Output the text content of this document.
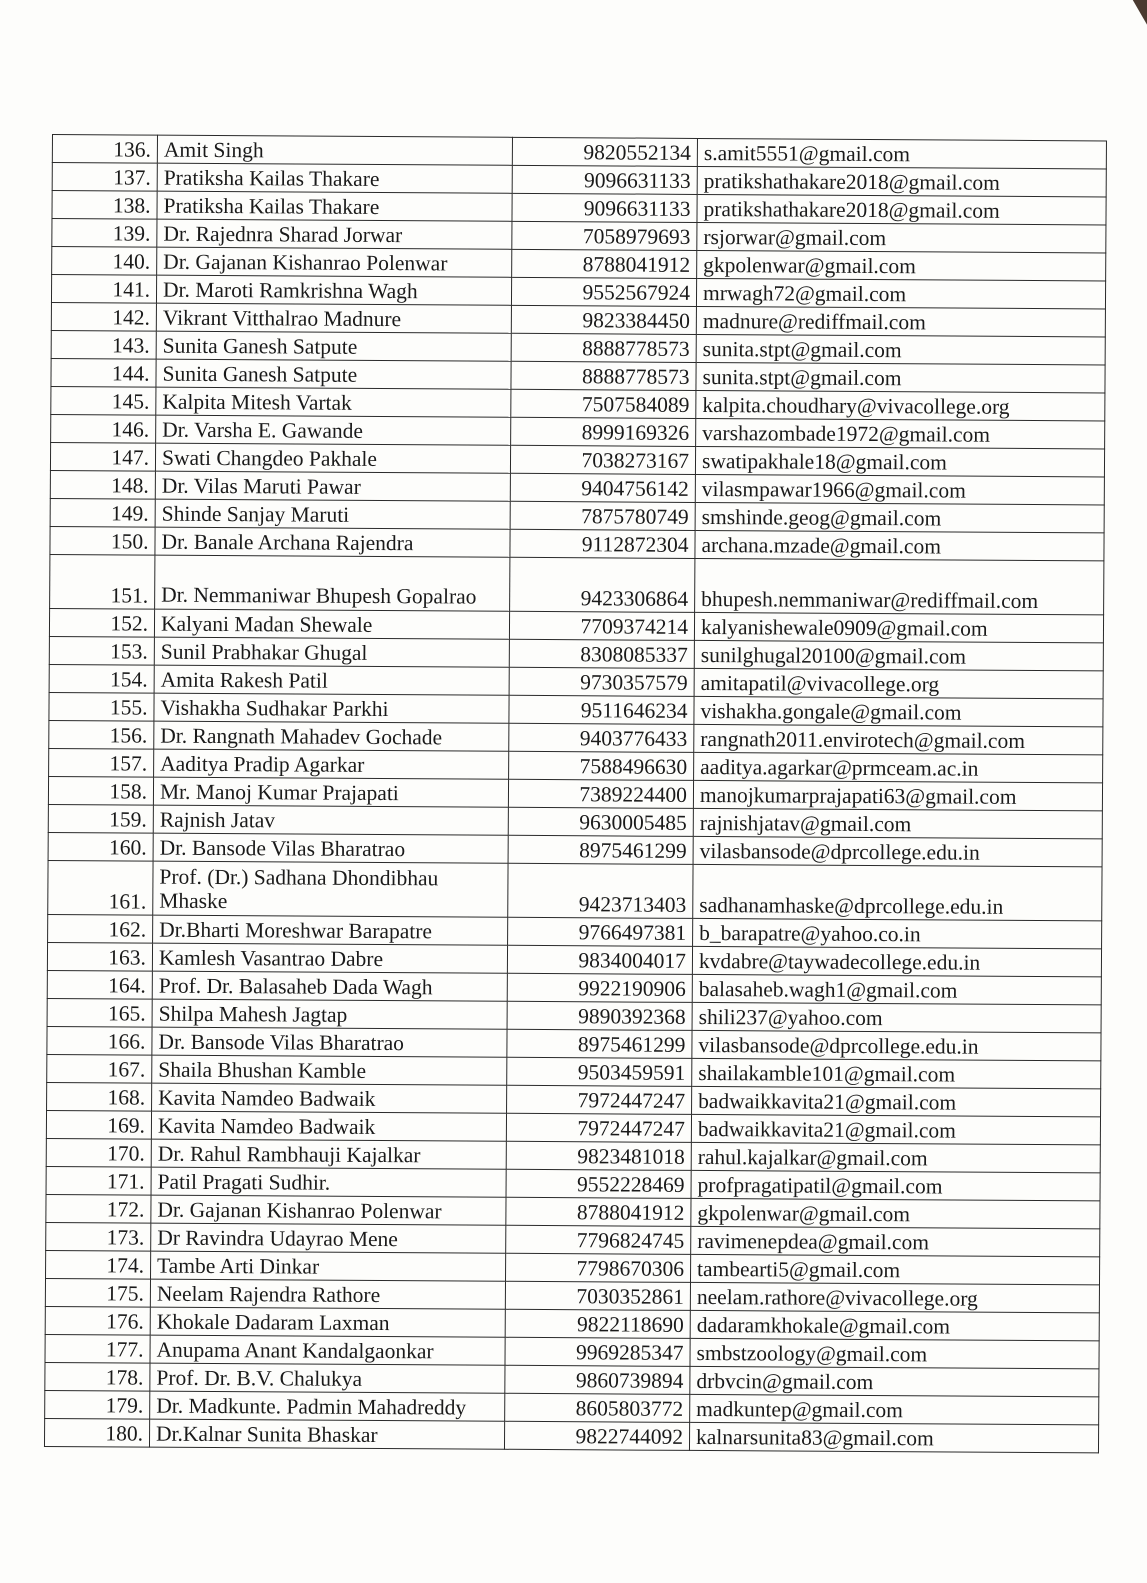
136.	Amit Singh	9820552134	s.amit5551@gmail.com
137.	Pratiksha Kailas Thakare	9096631133	pratikshathakare2018@gmail.com
138.	Pratiksha Kailas Thakare	9096631133	pratikshathakare2018@gmail.com
139.	Dr. Rajednra Sharad Jorwar	7058979693	rsjorwar@gmail.com
140.	Dr. Gajanan Kishanrao Polenwar	8788041912	gkpolenwar@gmail.com
141.	Dr. Maroti Ramkrishna Wagh	9552567924	mrwagh72@gmail.com
142.	Vikrant Vitthalrao Madnure	9823384450	madnure@rediffmail.com
143.	Sunita Ganesh Satpute	8888778573	sunita.stpt@gmail.com
144.	Sunita Ganesh Satpute	8888778573	sunita.stpt@gmail.com
145.	Kalpita Mitesh Vartak	7507584089	kalpita.choudhary@vivacollege.org
146.	Dr. Varsha E. Gawande	8999169326	varshazombade1972@gmail.com
147.	Swati Changdeo Pakhale	7038273167	swatipakhale18@gmail.com
148.	Dr. Vilas Maruti Pawar	9404756142	vilasmpawar1966@gmail.com
149.	Shinde Sanjay Maruti	7875780749	smshinde.geog@gmail.com
150.	Dr. Banale Archana Rajendra	9112872304	archana.mzade@gmail.com
151.	Dr. Nemmaniwar Bhupesh Gopalrao	9423306864	bhupesh.nemmaniwar@rediffmail.com
152.	Kalyani Madan Shewale	7709374214	kalyanishewale0909@gmail.com
153.	Sunil Prabhakar Ghugal	8308085337	sunilghugal20100@gmail.com
154.	Amita Rakesh Patil	9730357579	amitapatil@vivacollege.org
155.	Vishakha Sudhakar Parkhi	9511646234	vishakha.gongale@gmail.com
156.	Dr. Rangnath Mahadev Gochade	9403776433	rangnath2011.envirotech@gmail.com
157.	Aaditya Pradip Agarkar	7588496630	aaditya.agarkar@prmceam.ac.in
158.	Mr. Manoj Kumar Prajapati	7389224400	manojkumarprajapati63@gmail.com
159.	Rajnish Jatav	9630005485	rajnishjatav@gmail.com
160.	Dr. Bansode Vilas Bharatrao	8975461299	vilasbansode@dprcollege.edu.in
161.	Prof. (Dr.) Sadhana Dhondibhau Mhaske	9423713403	sadhanamhaske@dprcollege.edu.in
162.	Dr.Bharti Moreshwar Barapatre	9766497381	b_barapatre@yahoo.co.in
163.	Kamlesh Vasantrao Dabre	9834004017	kvdabre@taywadecollege.edu.in
164.	Prof. Dr. Balasaheb Dada Wagh	9922190906	balasaheb.wagh1@gmail.com
165.	Shilpa Mahesh Jagtap	9890392368	shili237@yahoo.com
166.	Dr. Bansode Vilas Bharatrao	8975461299	vilasbansode@dprcollege.edu.in
167.	Shaila Bhushan Kamble	9503459591	shailakamble101@gmail.com
168.	Kavita Namdeo Badwaik	7972447247	badwaikkavita21@gmail.com
169.	Kavita Namdeo Badwaik	7972447247	badwaikkavita21@gmail.com
170.	Dr. Rahul Rambhauji Kajalkar	9823481018	rahul.kajalkar@gmail.com
171.	Patil Pragati Sudhir.	9552228469	profpragatipatil@gmail.com
172.	Dr. Gajanan Kishanrao Polenwar	8788041912	gkpolenwar@gmail.com
173.	Dr Ravindra Udayrao Mene	7796824745	ravimenepdea@gmail.com
174.	Tambe Arti Dinkar	7798670306	tambearti5@gmail.com
175.	Neelam Rajendra Rathore	7030352861	neelam.rathore@vivacollege.org
176.	Khokale Dadaram Laxman	9822118690	dadaramkhokale@gmail.com
177.	Anupama Anant Kandalgaonkar	9969285347	smbstzoology@gmail.com
178.	Prof. Dr. B.V. Chalukya	9860739894	drbvcin@gmail.com
179.	Dr. Madkunte. Padmin Mahadreddy	8605803772	madkuntep@gmail.com
180.	Dr.Kalnar Sunita Bhaskar	9822744092	kalnarsunita83@gmail.com
